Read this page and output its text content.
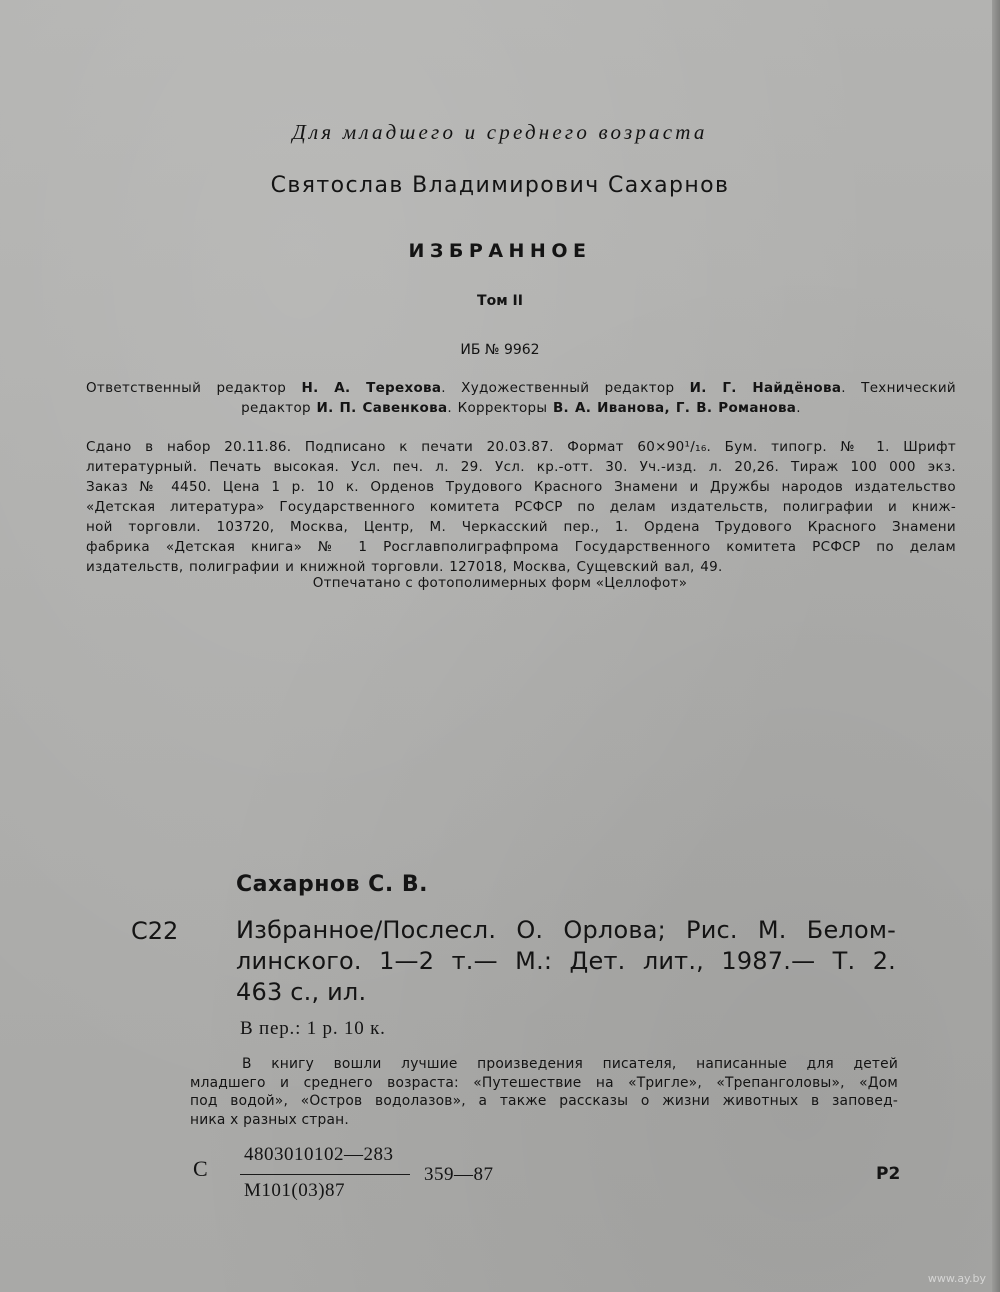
Для младшего и среднего возраста
Святослав Владимирович Сахарнов
ИЗБРАННОЕ
Том II
ИБ № 9962
Ответственный редактор Н. А. Терехова. Художественный редактор И. Г. Найдёнова. Технический
редактор И. П. Савенкова. Корректоры В. А. Иванова, Г. В. Романова.
Сдано в набор 20.11.86. Подписано к печати 20.03.87. Формат 60×90¹/₁₆. Бум. типогр. № 1. Шрифт
литературный. Печать высокая. Усл. печ. л. 29. Усл. кр.-отт. 30. Уч.-изд. л. 20,26. Тираж 100 000 экз.
Заказ № 4450. Цена 1 р. 10 к. Орденов Трудового Красного Знамени и Дружбы народов издательство
«Детская литература» Государственного комитета РСФСР по делам издательств, полиграфии и книж-
ной торговли. 103720, Москва, Центр, М. Черкасский пер., 1. Ордена Трудового Красного Знамени
фабрика «Детская книга» № 1 Росглавполиграфпрома Государственного комитета РСФСР по делам
издательств, полиграфии и книжной торговли. 127018, Москва, Сущевский вал, 49.
Отпечатано с фотополимерных форм «Целлофот»
Сахарнов С. В.
С22 Избранное/Послесл. О. Орлова; Рис. М. Белом-
линского. 1—2 т.— М.: Дет. лит., 1987.— Т. 2.
463 с., ил.
В пер.: 1 р. 10 к.
В книгу вошли лучшие произведения писателя, написанные для детей
младшего и среднего возраста: «Путешествие на «Тригле», «Трепанголовы», «Дом
под водой», «Остров водолазов», а также рассказы о жизни животных в заповед-
ника х разных стран.
С
4803010102—283
М101(03)87
359—87	Р2
www.ay.by
